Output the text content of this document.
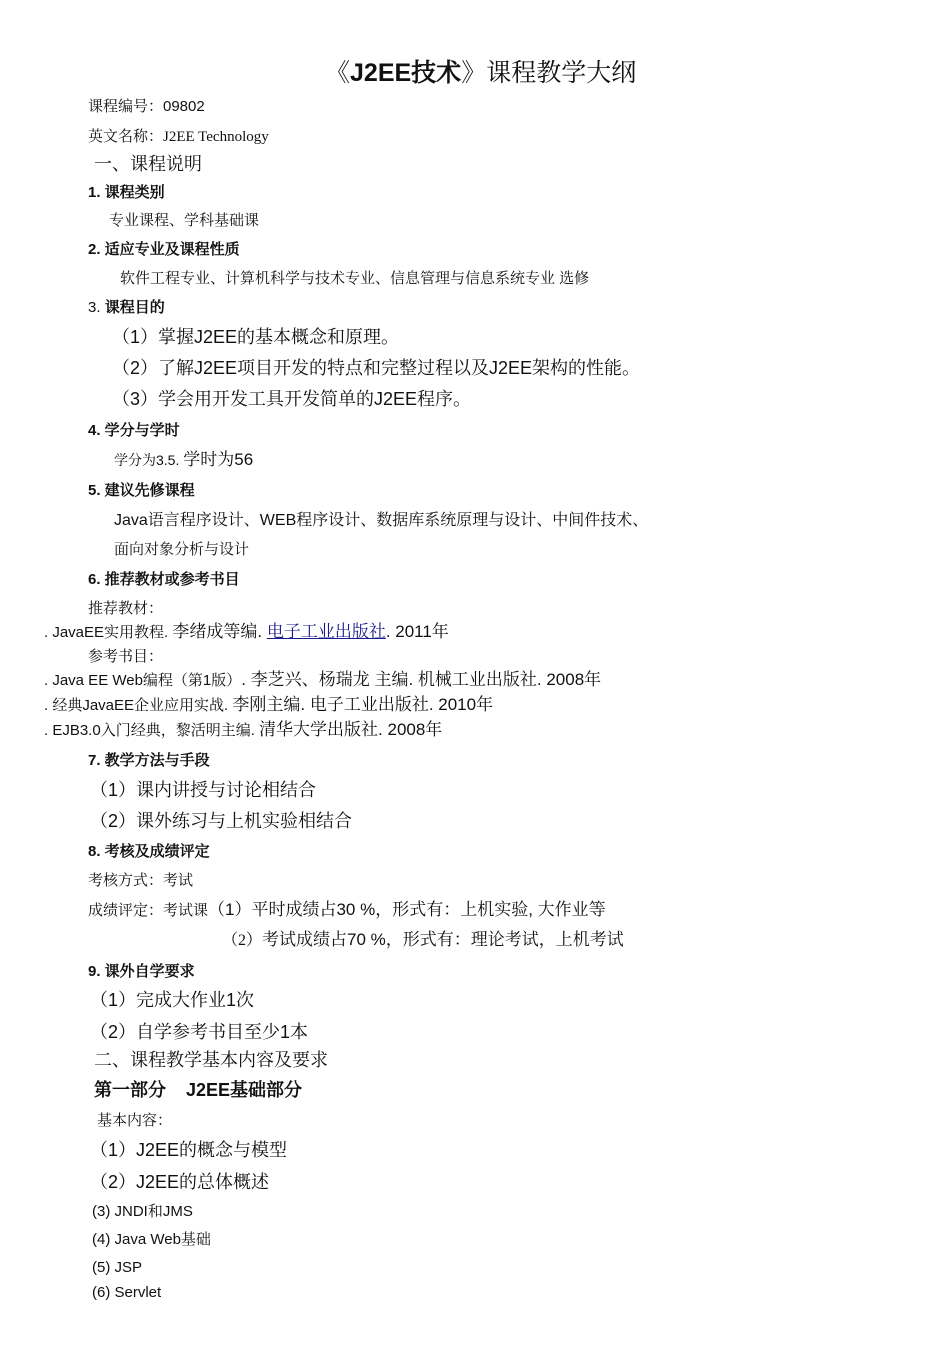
《J2EE技术》课程教学大纲
课程编号：09802
英文名称：J2EE Technology
一、课程说明
1. 课程类别
专业课程、学科基础课
2. 适应专业及课程性质
软件工程专业、计算机科学与技术专业、信息管理与信息系统专业 选修
3. 课程目的
（1）掌握J2EE的基本概念和原理。
（2）了解J2EE项目开发的特点和完整过程以及J2EE架构的性能。
（3）学会用开发工具开发简单的J2EE程序。
4. 学分与学时
学分为3.5. 学时为56
5. 建议先修课程
Java语言程序设计、WEB程序设计、数据库系统原理与设计、中间件技术、
面向对象分析与设计
6. 推荐教材或参考书目
推荐教材：
. JavaEE实用教程. 李绪成等编. 电子工业出版社. 2011年
参考书目：
. Java EE Web编程（第1版）. 李芝兴、杨瑞龙 主编. 机械工业出版社. 2008年
. 经典JavaEE企业应用实战. 李刚主编. 电子工业出版社. 2010年
. EJB3.0入门经典，黎活明主编. 清华大学出版社. 2008年
7. 教学方法与手段
（1）课内讲授与讨论相结合
（2）课外练习与上机实验相结合
8. 考核及成绩评定
考核方式：考试
成绩评定：考试课（1）平时成绩占30 %，形式有：上机实验, 大作业等
（2）考试成绩占70 %，形式有：理论考试，上机考试
9. 课外自学要求
（1）完成大作业1次
（2）自学参考书目至少1本
二、课程教学基本内容及要求
第一部分    J2EE基础部分
基本内容：
（1）J2EE的概念与模型
（2）J2EE的总体概述
(3) JNDI和JMS
(4) Java Web基础
(5) JSP
(6) Servlet
